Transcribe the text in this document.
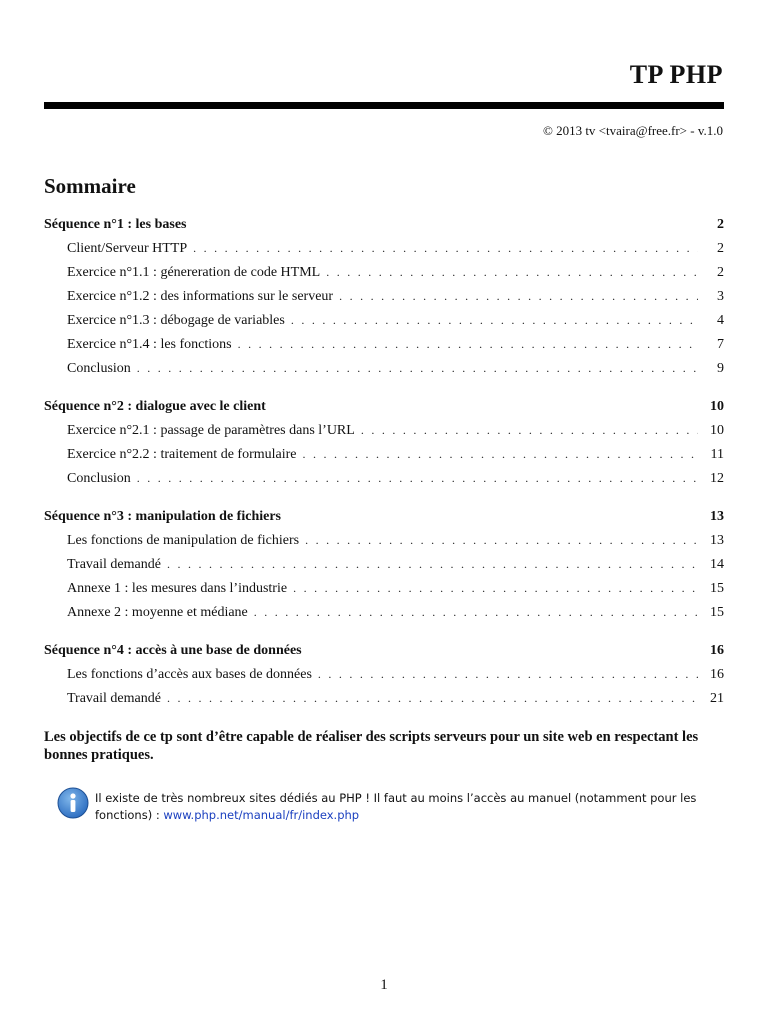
TP PHP
© 2013 tv <tvaira@free.fr> - v.1.0
Sommaire
Séquence n°1 : les bases	2
Client/Serveur HTTP . . .	2
Exercice n°1.1 : génereration de code HTML . . .	2
Exercice n°1.2 : des informations sur le serveur . . .	3
Exercice n°1.3 : débogage de variables . . .	4
Exercice n°1.4 : les fonctions . . .	7
Conclusion . . .	9
Séquence n°2 : dialogue avec le client	10
Exercice n°2.1 : passage de paramètres dans l’URL . . .	10
Exercice n°2.2 : traitement de formulaire . . .	11
Conclusion . . .	12
Séquence n°3 : manipulation de fichiers	13
Les fonctions de manipulation de fichiers . . .	13
Travail demandé . . .	14
Annexe 1 : les mesures dans l’industrie . . .	15
Annexe 2 : moyenne et médiane . . .	15
Séquence n°4 : accès à une base de données	16
Les fonctions d’accès aux bases de données . . .	16
Travail demandé . . .	21
Les objectifs de ce tp sont d’être capable de réaliser des scripts serveurs pour un site web en respectant les bonnes pratiques.
Il existe de très nombreux sites dédiés au PHP ! Il faut au moins l’accès au manuel (notamment pour les fonctions) : www.php.net/manual/fr/index.php
1
